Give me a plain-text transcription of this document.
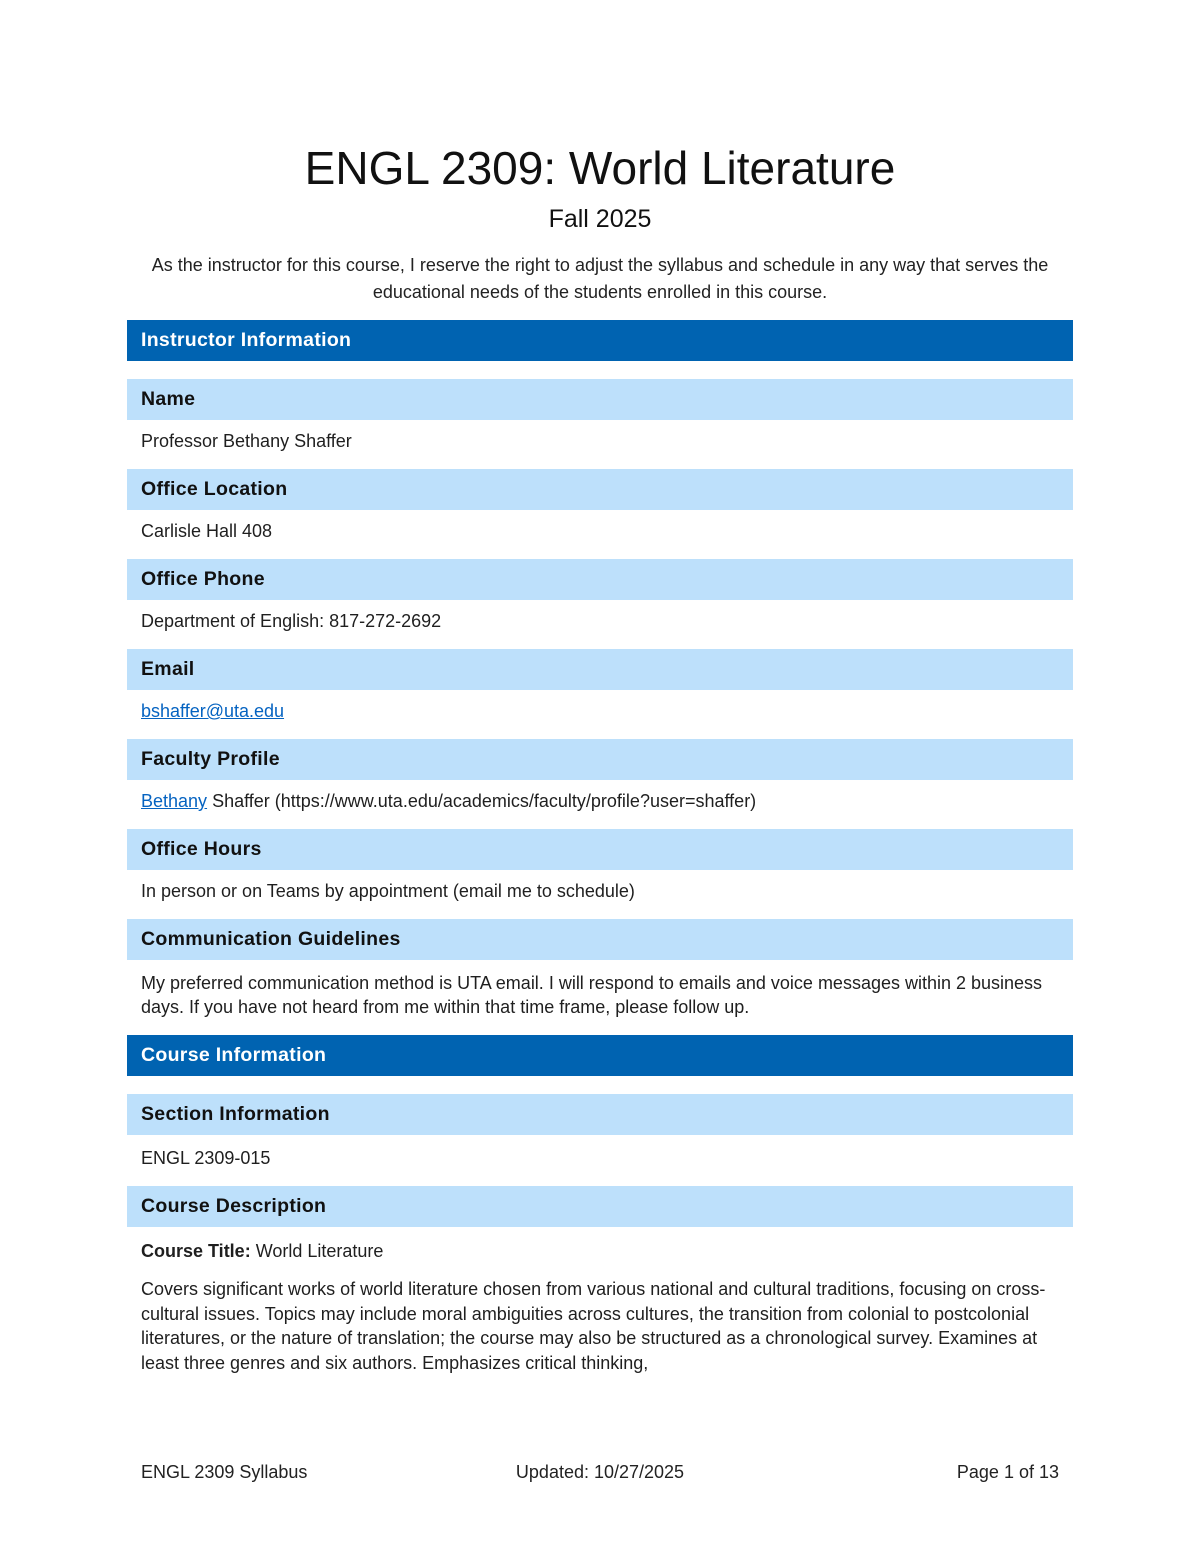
ENGL 2309: World Literature
Fall 2025
As the instructor for this course, I reserve the right to adjust the syllabus and schedule in any way that serves the educational needs of the students enrolled in this course.
Instructor Information
Name
Professor Bethany Shaffer
Office Location
Carlisle Hall 408
Office Phone
Department of English: 817-272-2692
Email
bshaffer@uta.edu
Faculty Profile
Bethany Shaffer (https://www.uta.edu/academics/faculty/profile?user=shaffer)
Office Hours
In person or on Teams by appointment (email me to schedule)
Communication Guidelines
My preferred communication method is UTA email. I will respond to emails and voice messages within 2 business days. If you have not heard from me within that time frame, please follow up.
Course Information
Section Information
ENGL 2309-015
Course Description
Course Title: World Literature
Covers significant works of world literature chosen from various national and cultural traditions, focusing on cross-cultural issues. Topics may include moral ambiguities across cultures, the transition from colonial to postcolonial literatures, or the nature of translation; the course may also be structured as a chronological survey. Examines at least three genres and six authors. Emphasizes critical thinking,
ENGL 2309 Syllabus	Updated: 10/27/2025	Page 1 of 13
